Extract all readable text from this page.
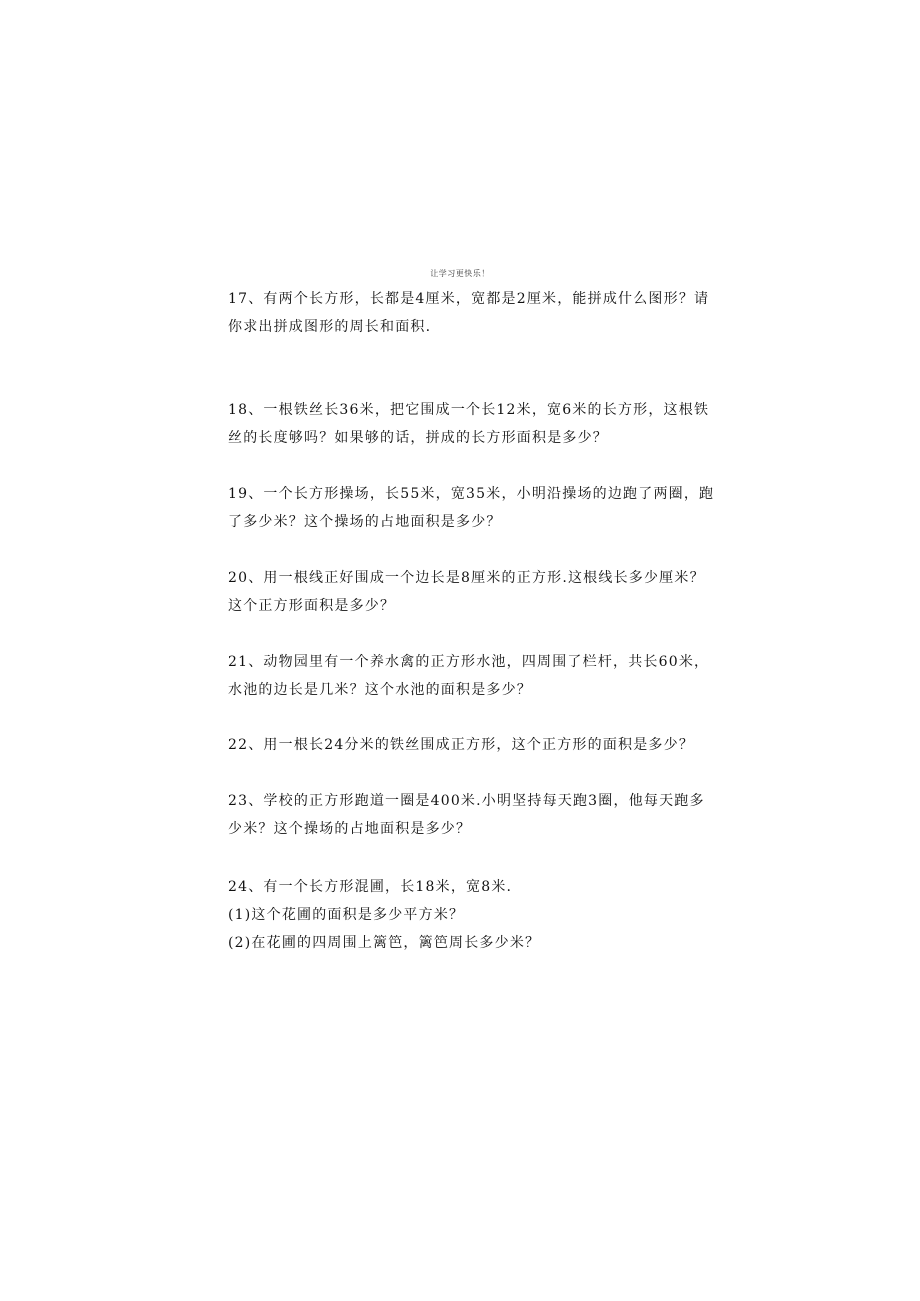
让学习更快乐！

17、有两个长方形，长都是4厘米，宽都是2厘米，能拼成什么图形？请

你求出拼成图形的周长和面积.

18、一根铁丝长36米，把它围成一个长12米，宽6米的长方形，这根铁

丝的长度够吗？如果够的话，拼成的长方形面积是多少？

19、一个长方形操场，长55米，宽35米，小明沿操场的边跑了两圈，跑

了多少米？这个操场的占地面积是多少？

20、用一根线正好围成一个边长是8厘米的正方形.这根线长多少厘米？

这个正方形面积是多少？

21、动物园里有一个养水禽的正方形水池，四周围了栏杆，共长60米，

水池的边长是几米？这个水池的面积是多少？

22、用一根长24分米的铁丝围成正方形，这个正方形的面积是多少？

23、学校的正方形跑道一圈是400米.小明坚持每天跑3圈，他每天跑多

少米？这个操场的占地面积是多少？

24、有一个长方形混圃，长18米，宽8米.

(1)这个花圃的面积是多少平方米？

(2)在花圃的四周围上篱笆，篱笆周长多少米？
